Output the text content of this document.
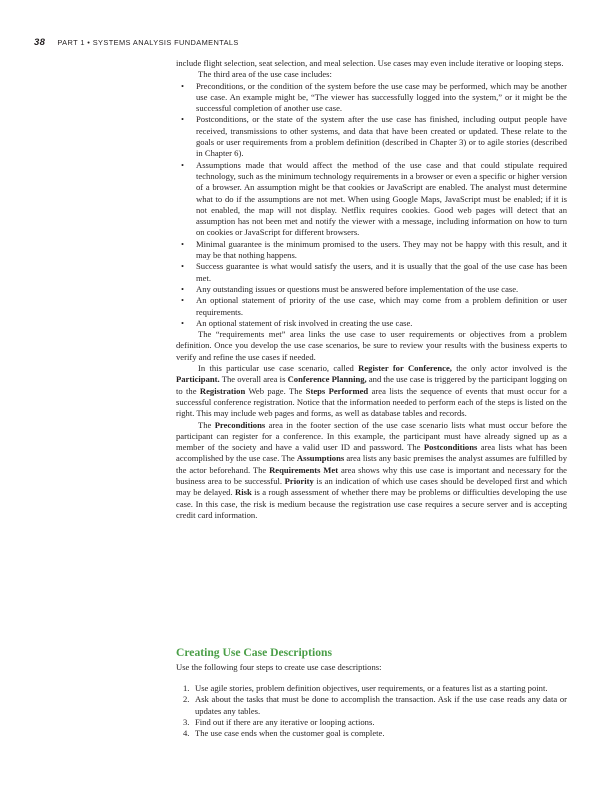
38 PART 1 • SYSTEMS ANALYSIS FUNDAMENTALS

include flight selection, seat selection, and meal selection. Use cases may even include iterative or looping steps.

The third area of the use case includes:

• Preconditions, or the condition of the system before the use case may be performed, which may be another use case. An example might be, “The viewer has successfully logged into the system,” or it might be the successful completion of another use case.
• Postconditions, or the state of the system after the use case has finished, including output people have received, transmissions to other systems, and data that have been created or updated. These relate to the goals or user requirements from a problem definition (described in Chapter 3) or to agile stories (described in Chapter 6).
• Assumptions made that would affect the method of the use case and that could stipulate required technology, such as the minimum technology requirements in a browser or even a specific or higher version of a browser. An assumption might be that cookies or JavaScript are enabled. The analyst must determine what to do if the assumptions are not met. When using Google Maps, JavaScript must be enabled; if it is not enabled, the map will not display. Netflix requires cookies. Good web pages will detect that an assumption has not been met and notify the viewer with a message, including information on how to turn on cookies or JavaScript for different browsers.
• Minimal guarantee is the minimum promised to the users. They may not be happy with this result, and it may be that nothing happens.
• Success guarantee is what would satisfy the users, and it is usually that the goal of the use case has been met.
• Any outstanding issues or questions must be answered before implementation of the use case.
• An optional statement of priority of the use case, which may come from a problem definition or user requirements.
• An optional statement of risk involved in creating the use case.

The “requirements met” area links the use case to user requirements or objectives from a problem definition. Once you develop the use case scenarios, be sure to review your results with the business experts to verify and refine the use cases if needed.

In this particular use case scenario, called Register for Conference, the only actor involved is the Participant. The overall area is Conference Planning, and the use case is triggered by the participant logging on to the Registration Web page. The Steps Performed area lists the sequence of events that must occur for a successful conference registration. Notice that the information needed to perform each of the steps is listed on the right. This may include web pages and forms, as well as database tables and records.

The Preconditions area in the footer section of the use case scenario lists what must occur before the participant can register for a conference. In this example, the participant must have already signed up as a member of the society and have a valid user ID and password. The Postconditions area lists what has been accomplished by the use case. The Assumptions area lists any basic premises the analyst assumes are fulfilled by the actor beforehand. The Requirements Met area shows why this use case is important and necessary for the business area to be successful. Priority is an indication of which use cases should be developed first and which may be delayed. Risk is a rough assessment of whether there may be problems or difficulties developing the use case. In this case, the risk is medium because the registration use case requires a secure server and is accepting credit card information.

Creating Use Case Descriptions
Use the following four steps to create use case descriptions:
1. Use agile stories, problem definition objectives, user requirements, or a features list as a starting point.
2. Ask about the tasks that must be done to accomplish the transaction. Ask if the use case reads any data or updates any tables.
3. Find out if there are any iterative or looping actions.
4. The use case ends when the customer goal is complete.
